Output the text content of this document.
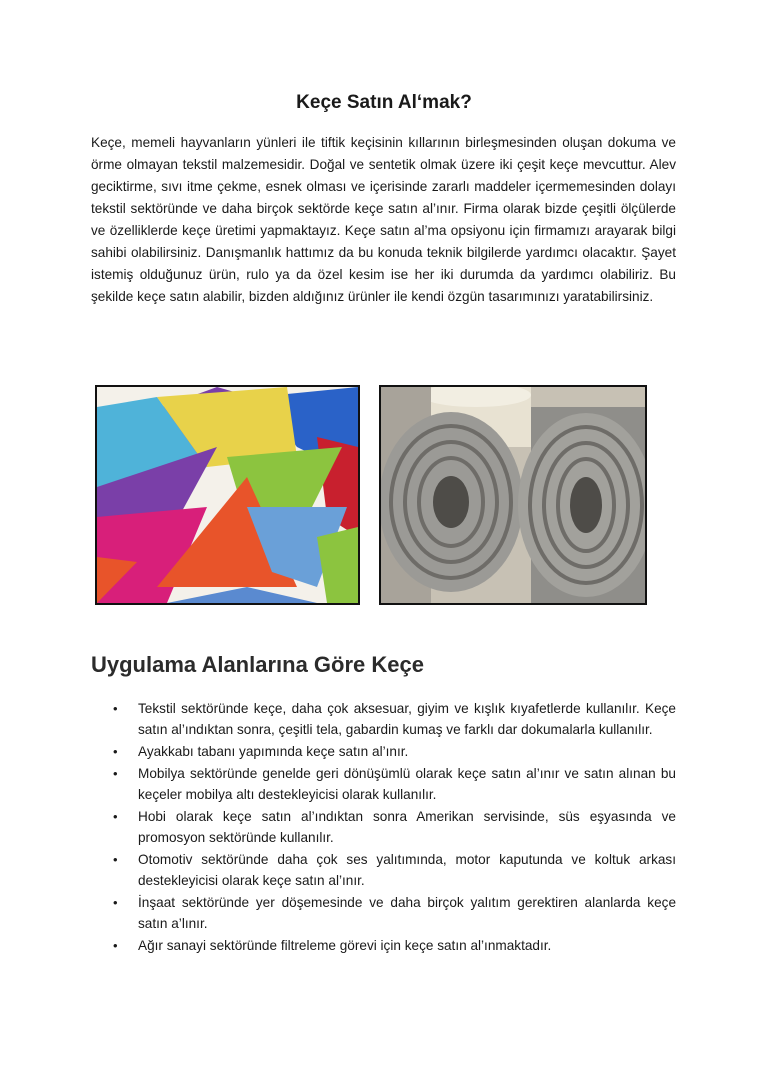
Keçe Satın Al‘mak?

Keçe, memeli hayvanların yünleri ile tiftik keçisinin kıllarının birleşmesinden oluşan dokuma ve örme olmayan tekstil malzemesidir. Doğal ve sentetik olmak üzere iki çeşit keçe mevcuttur. Alev geciktirme, sıvı itme çekme, esnek olması ve içerisinde zararlı maddeler içermemesinden dolayı tekstil sektöründe ve daha birçok sektörde keçe satın al’ınır. Firma olarak bizde çeşitli ölçülerde ve özelliklerde keçe üretimi yapmaktayız. Keçe satın al’ma opsiyonu için firmamızı arayarak bilgi sahibi olabilirsiniz. Danışmanlık hattımız da bu konuda teknik bilgilerde yardımcı olacaktır. Şayet istemiş olduğunuz ürün, rulo ya da özel kesim ise her iki durumda da yardımcı olabiliriz. Bu şekilde keçe satın alabilir, bizden aldığınız ürünler ile kendi özgün tasarımınızı yaratabilirsiniz.

Uygulama Alanlarına Göre Keçe
• Tekstil sektöründe keçe, daha çok aksesuar, giyim ve kışlık kıyafetlerde kullanılır. Keçe satın al’ındıktan sonra, çeşitli tela, gabardin kumaş ve farklı dar dokumalarla kullanılır.
• Ayakkabı tabanı yapımında keçe satın al’ınır.
• Mobilya sektöründe genelde geri dönüşümlü olarak keçe satın al’ınır ve satın alınan bu keçeler mobilya altı destekleyicisi olarak kullanılır.
• Hobi olarak keçe satın al’ındıktan sonra Amerikan servisinde, süs eşyasında ve promosyon sektöründe kullanılır.
• Otomotiv sektöründe daha çok ses yalıtımında, motor kaputunda ve koltuk arkası destekleyicisi olarak keçe satın al’ınır.
• İnşaat sektöründe yer döşemesinde ve daha birçok yalıtım gerektiren alanlarda keçe satın a’lınır.
• Ağır sanayi sektöründe filtreleme görevi için keçe satın al’ınmaktadır.
